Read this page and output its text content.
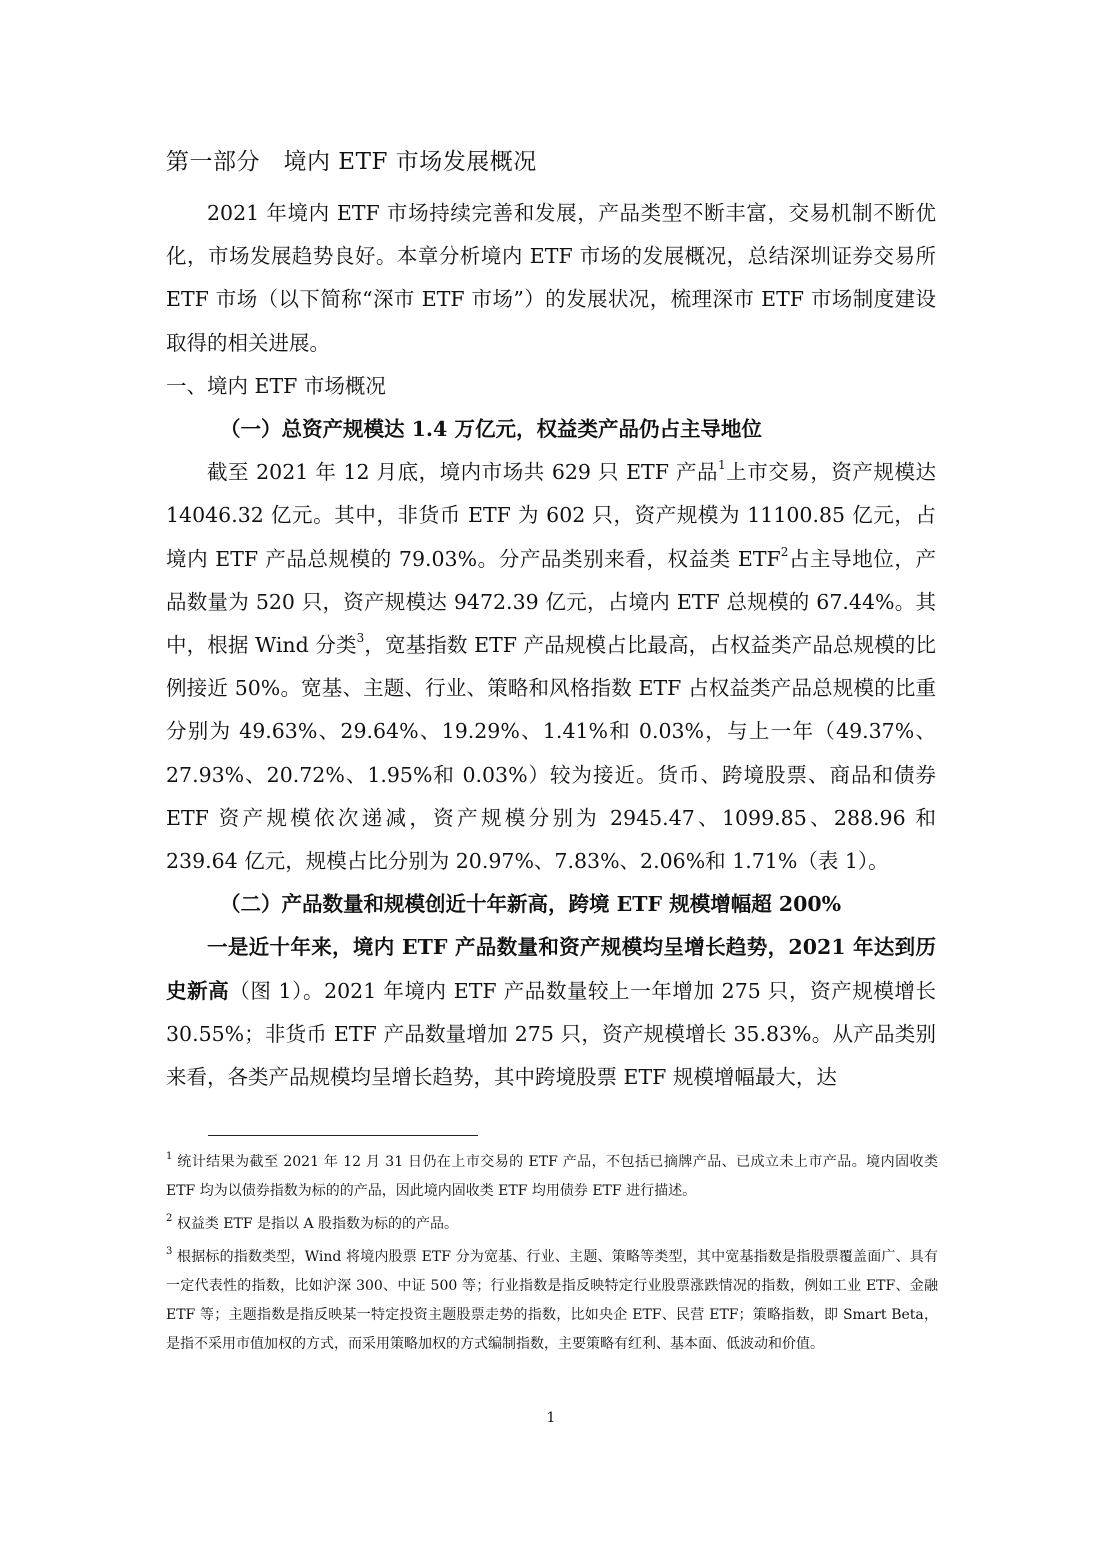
第一部分　境内 ETF 市场发展概况

2021 年境内 ETF 市场持续完善和发展，产品类型不断丰富，交易机制不断优化，市场发展趋势良好。本章分析境内 ETF 市场的发展概况，总结深圳证券交易所ETF 市场（以下简称“深市 ETF 市场”）的发展状况，梳理深市 ETF 市场制度建设取得的相关进展。

一、境内 ETF 市场概况

（一）总资产规模达 1.4 万亿元，权益类产品仍占主导地位

截至 2021 年 12 月底，境内市场共 629 只 ETF 产品$^1$上市交易，资产规模达 14046.32 亿元。其中，非货币 ETF 为 602 只，资产规模为 11100.85 亿元，占境内 ETF 产品总规模的 79.03%。分产品类别来看，权益类 ETF$^2$占主导地位，产品数量为 520 只，资产规模达 9472.39 亿元，占境内 ETF 总规模的 67.44%。其中，根据 Wind 分类$^3$，宽基指数 ETF 产品规模占比最高，占权益类产品总规模的比例接近 50%。宽基、主题、行业、策略和风格指数 ETF 占权益类产品总规模的比重分别为 49.63%、29.64%、19.29%、1.41%和 0.03%，与上一年（49.37%、27.93%、20.72%、1.95%和 0.03%）较为接近。货币、跨境股票、商品和债券 ETF 资产规模依次递减，资产规模分别为 2945.47、1099.85、288.96 和 239.64 亿元，规模占比分别为 20.97%、7.83%、2.06%和 1.71%（表 1）。

（二）产品数量和规模创近十年新高，跨境 ETF 规模增幅超 200%

一是近十年来，境内 ETF 产品数量和资产规模均呈增长趋势，2021 年达到历史新高（图 1）。2021 年境内 ETF 产品数量较上一年增加 275 只，资产规模增长 30.55%；非货币 ETF 产品数量增加 275 只，资产规模增长 35.83%。从产品类别来看，各类产品规模均呈增长趋势，其中跨境股票 ETF 规模增幅最大，达

$^1$ 统计结果为截至 2021 年 12 月 31 日仍在上市交易的 ETF 产品，不包括已摘牌产品、已成立未上市产品。境内固收类 ETF 均为以债券指数为标的的产品，因此境内固收类 ETF 均用债券 ETF 进行描述。

$^2$ 权益类 ETF 是指以 A 股指数为标的的产品。

$^3$ 根据标的指数类型，Wind 将境内股票 ETF 分为宽基、行业、主题、策略等类型，其中宽基指数是指股票覆盖面广、具有一定代表性的指数，比如沪深 300、中证 500 等；行业指数是指反映特定行业股票涨跌情况的指数，例如工业 ETF、金融 ETF 等；主题指数是指反映某一特定投资主题股票走势的指数，比如央企 ETF、民营 ETF；策略指数，即 Smart Beta，是指不采用市值加权的方式，而采用策略加权的方式编制指数，主要策略有红利、基本面、低波动和价值。

1
